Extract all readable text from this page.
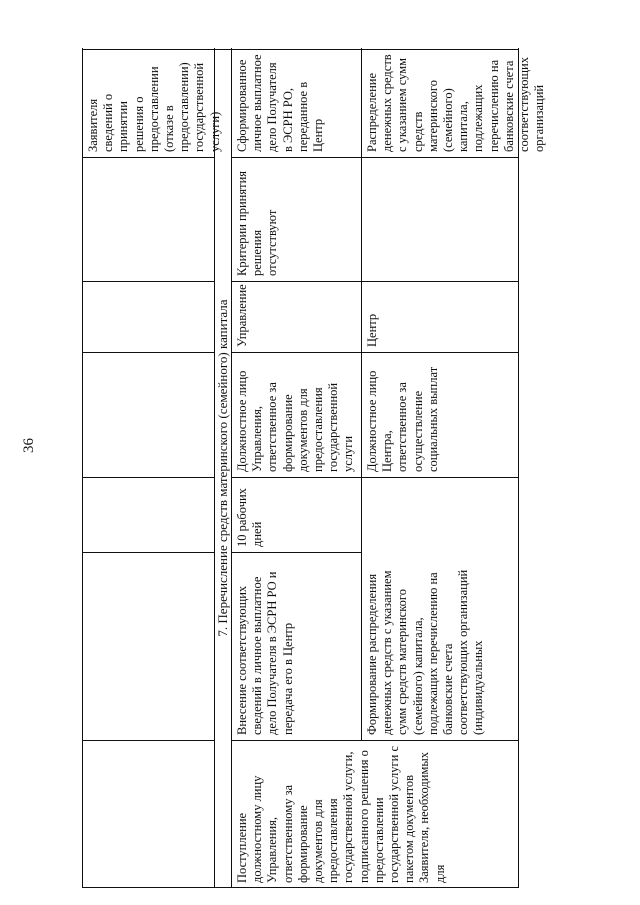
36
Заявителя сведений о принятии решения о предоставлении (отказе в предоставлении) государственной услуги)
7. Перечисление средств материнского (семейного) капитала
Поступление должностному лицу Управления, ответственному за формирование документов для предоставления государственной услуги, подписанного решения о предоставлении государственной услуги с пакетом документов Заявителя, необходимых для
Внесение соответствующих сведений в личное выплатное дело Получателя в ЭСРН РО и передача его в Центр
10 рабочих дней
Должностное лицо Управления, ответственное за формирование документов для предоставления государственной услуги
Управление
Критерии принятия решения отсутствуют
Сформированное личное выплатное дело Получателя в ЭСРН РО, переданное в Центр
Формирование распределения денежных средств с указанием сумм средств материнского (семейного) капитала, подлежащих перечислению на банковские счета соответствующих организаций (индивидуальных
Должностное лицо Центра, ответственное за осуществление социальных выплат
Центр
Распределение денежных средств с указанием сумм средств материнского (семейного) капитала, подлежащих перечислению на банковские счета соответствующих организаций
